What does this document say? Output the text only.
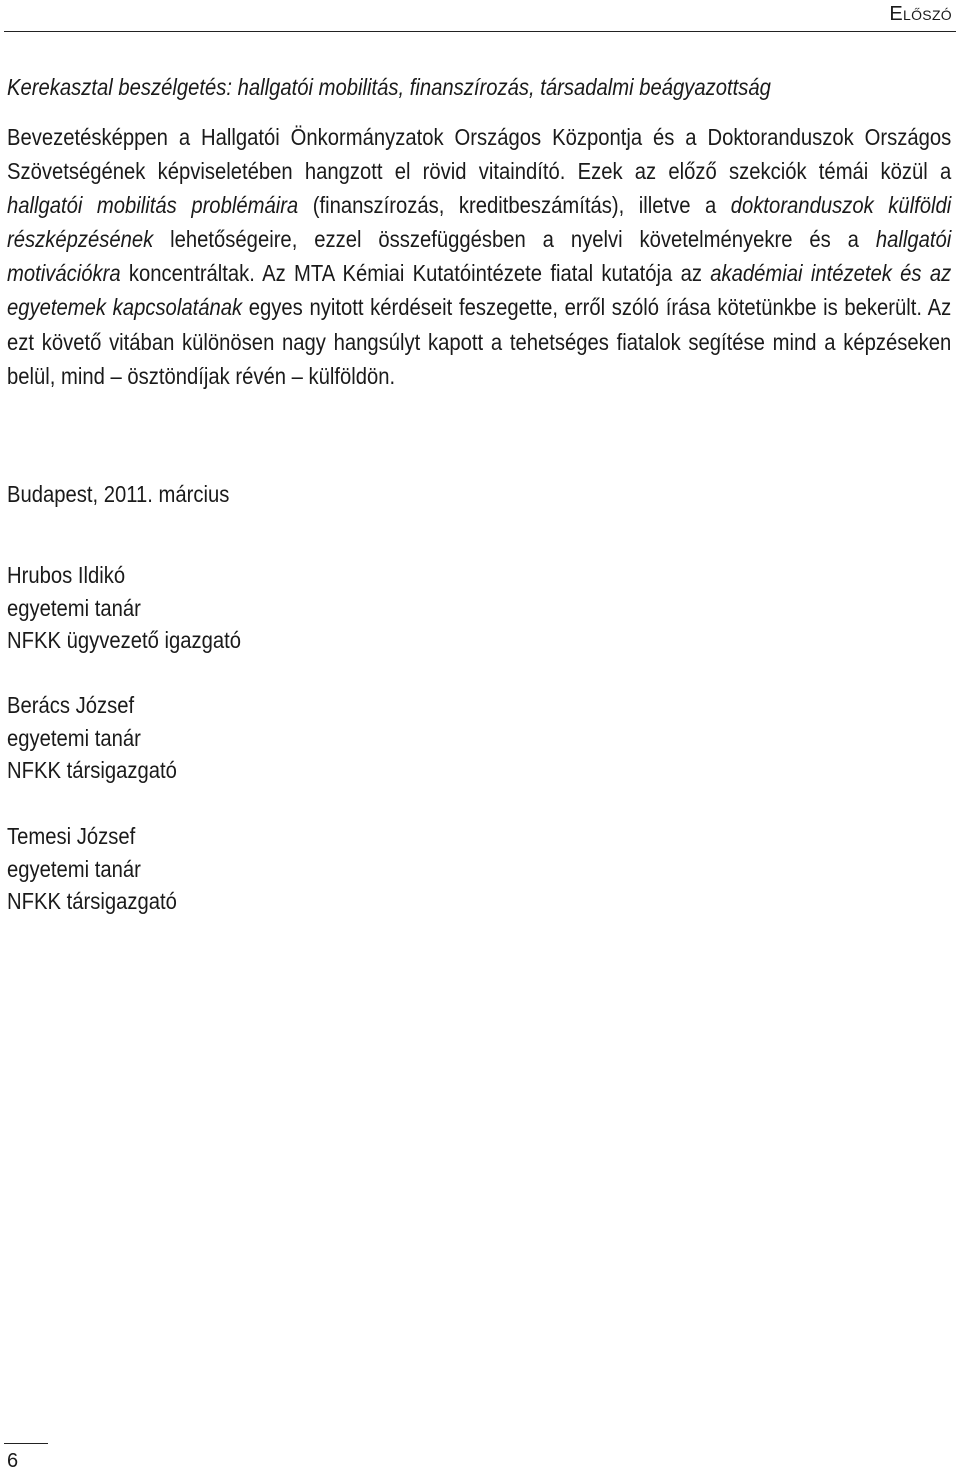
Előszó
Kerekasztal beszélgetés: hallgatói mobilitás, finanszírozás, társadalmi beágyazottság

Bevezetésképpen a Hallgatói Önkormányzatok Országos Központja és a Doktoranduszok Országos Szövetségének képviseletében hangzott el rövid vitaindító. Ezek az előző szekciók témái közül a hallgatói mobilitás problémáira (finanszírozás, kreditbeszámítás), illetve a doktoranduszok külföldi részképzésének lehetőségeire, ezzel összefüggésben a nyelvi követelményekre és a hallgatói motivációkra koncentráltak. Az MTA Kémiai Kutatóintézete fiatal kutatója az akadémiai intézetek és az egyetemek kapcsolatának egyes nyitott kérdéseit feszegette, erről szóló írása kötetünkbe is bekerült. Az ezt követő vitában különösen nagy hangsúlyt kapott a tehetséges fiatalok segítése mind a képzéseken belül, mind – ösztöndíjak révén – külföldön.

Budapest, 2011. március
Hrubos Ildikó
egyetemi tanár
NFKK ügyvezető igazgató
Berács József
egyetemi tanár
NFKK társigazgató
Temesi József
egyetemi tanár
NFKK társigazgató
6
